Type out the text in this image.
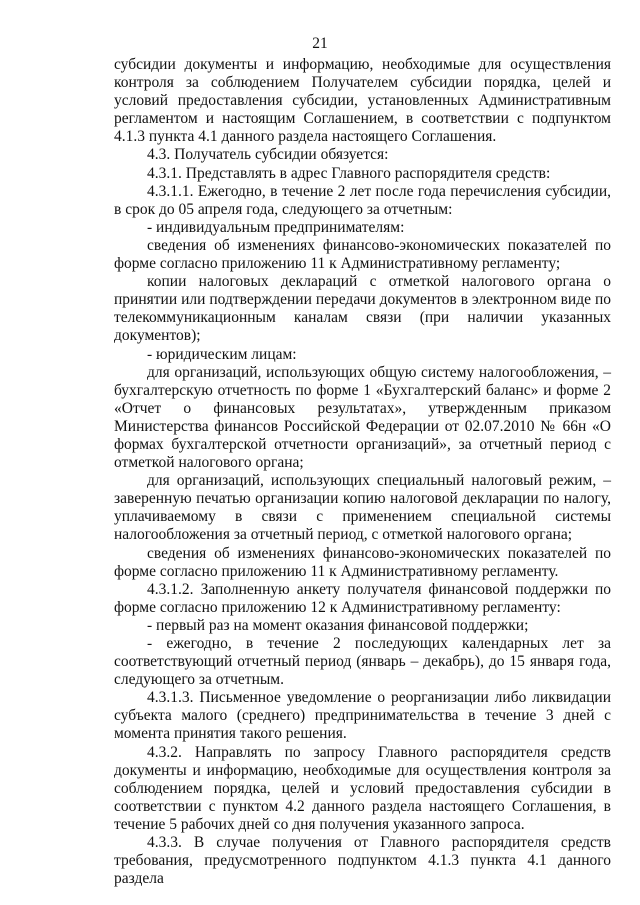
21

субсидии документы и информацию, необходимые для осуществления контроля за соблюдением Получателем субсидии порядка, целей и условий предоставления субсидии, установленных Административным регламентом и настоящим Соглашением, в соответствии с подпунктом 4.1.3 пункта 4.1 данного раздела настоящего Соглашения.

4.3. Получатель субсидии обязуется:

4.3.1. Представлять в адрес Главного распорядителя средств:

4.3.1.1. Ежегодно, в течение 2 лет после года перечисления субсидии, в срок до 05 апреля года, следующего за отчетным:

- индивидуальным предпринимателям:

сведения об изменениях финансово-экономических показателей по форме согласно приложению 11 к Административному регламенту;

копии налоговых деклараций с отметкой налогового органа о принятии или подтверждении передачи документов в электронном виде по телекоммуникационным каналам связи (при наличии указанных документов);

- юридическим лицам:

для организаций, использующих общую систему налогообложения, – бухгалтерскую отчетность по форме 1 «Бухгалтерский баланс» и форме 2 «Отчет о финансовых результатах», утвержденным приказом Министерства финансов Российской Федерации от 02.07.2010 № 66н «О формах бухгалтерской отчетности организаций», за отчетный период с отметкой налогового органа;

для организаций, использующих специальный налоговый режим, – заверенную печатью организации копию налоговой декларации по налогу, уплачиваемому в связи с применением специальной системы налогообложения за отчетный период, с отметкой налогового органа;

сведения об изменениях финансово-экономических показателей по форме согласно приложению 11 к Административному регламенту.

4.3.1.2. Заполненную анкету получателя финансовой поддержки по форме согласно приложению 12 к Административному регламенту:

- первый раз на момент оказания финансовой поддержки;

- ежегодно, в течение 2 последующих календарных лет за соответствующий отчетный период (январь – декабрь), до 15 января года, следующего за отчетным.

4.3.1.3. Письменное уведомление о реорганизации либо ликвидации субъекта малого (среднего) предпринимательства в течение 3 дней с момента принятия такого решения.

4.3.2. Направлять по запросу Главного распорядителя средств документы и информацию, необходимые для осуществления контроля за соблюдением порядка, целей и условий предоставления субсидии в соответствии с пунктом 4.2 данного раздела настоящего Соглашения, в течение 5 рабочих дней со дня получения указанного запроса.

4.3.3. В случае получения от Главного распорядителя средств требования, предусмотренного подпунктом 4.1.3 пункта 4.1 данного раздела
